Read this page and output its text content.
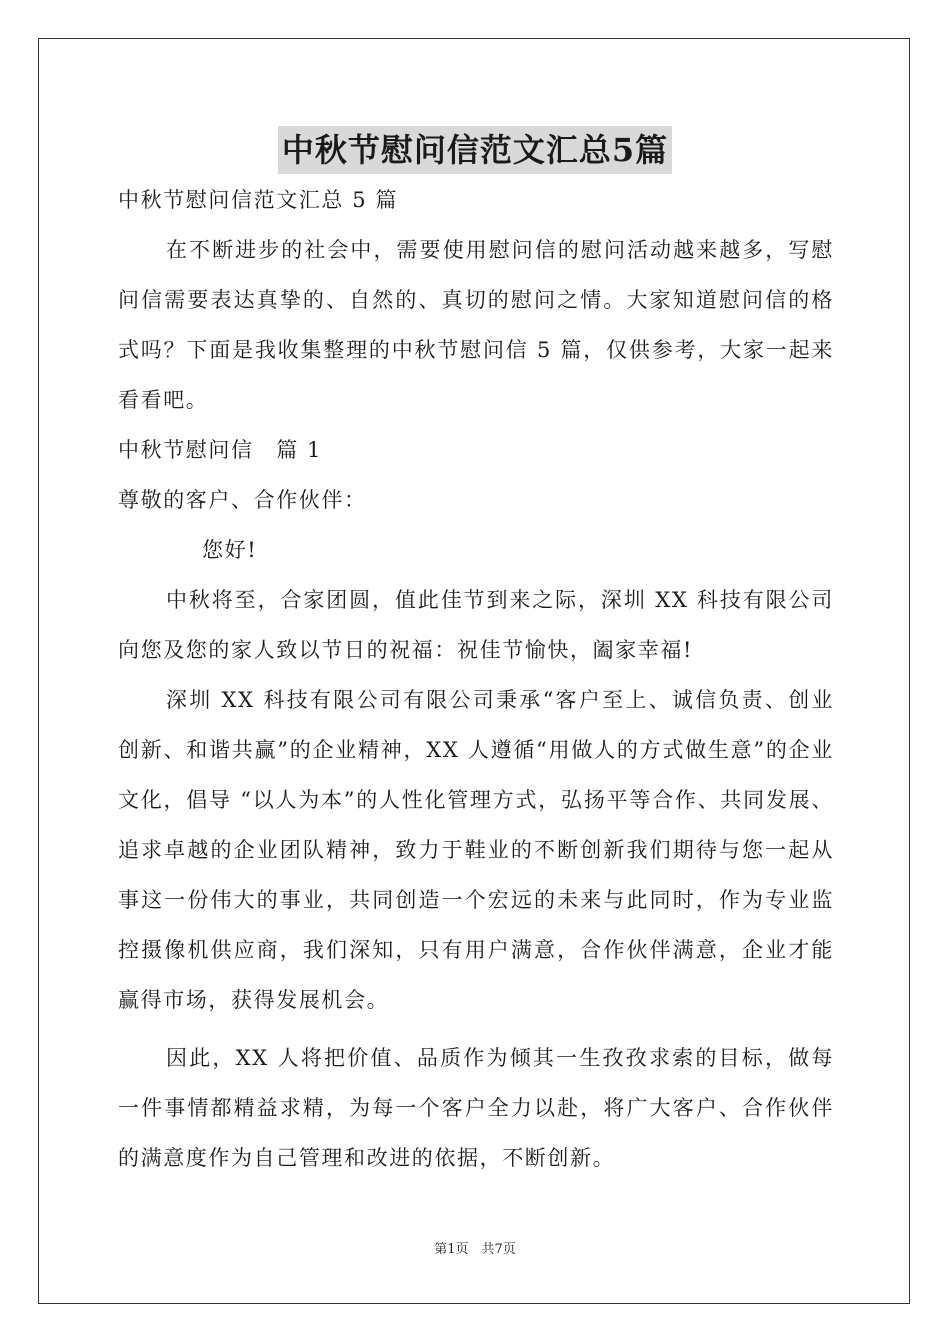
中秋节慰问信范文汇总5篇

中秋节慰问信范文汇总 5 篇

在不断进步的社会中，需要使用慰问信的慰问活动越来越多，写慰问信需要表达真挚的、自然的、真切的慰问之情。大家知道慰问信的格式吗？下面是我收集整理的中秋节慰问信 5 篇，仅供参考，大家一起来看看吧。

中秋节慰问信　篇 1

尊敬的客户、合作伙伴：

您好!

中秋将至，合家团圆，值此佳节到来之际，深圳 XX 科技有限公司向您及您的家人致以节日的祝福：祝佳节愉快，阖家幸福!

深圳 XX 科技有限公司有限公司秉承“客户至上、诚信负责、创业创新、和谐共赢”的企业精神，XX 人遵循“用做人的方式做生意”的企业文化，倡导 “以人为本”的人性化管理方式，弘扬平等合作、共同发展、追求卓越的企业团队精神，致力于鞋业的不断创新我们期待与您一起从事这一份伟大的事业，共同创造一个宏远的未来与此同时，作为专业监控摄像机供应商，我们深知，只有用户满意，合作伙伴满意，企业才能赢得市场，获得发展机会。

因此，XX 人将把价值、品质作为倾其一生孜孜求索的目标，做每一件事情都精益求精，为每一个客户全力以赴，将广大客户、合作伙伴的满意度作为自己管理和改进的依据，不断创新。

第1页　共7页
